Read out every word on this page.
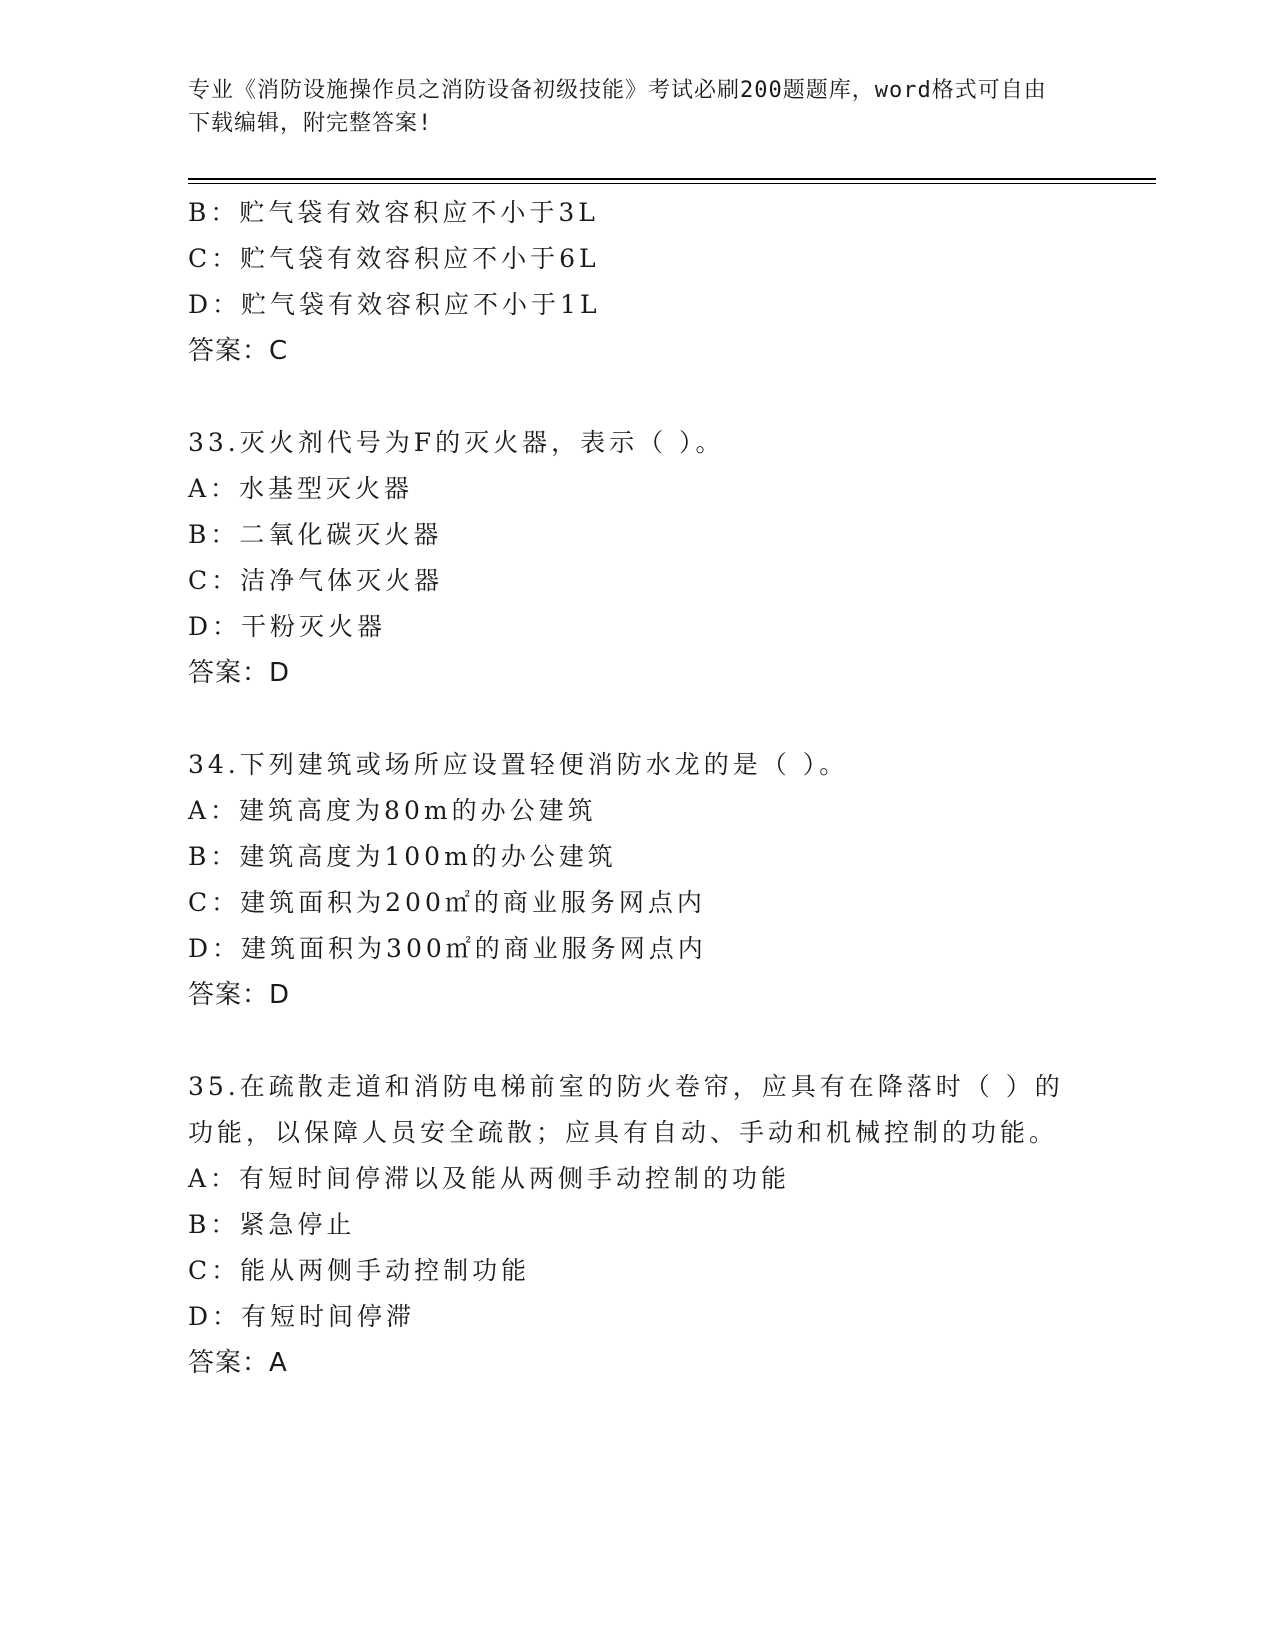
专业《消防设施操作员之消防设备初级技能》考试必刷200题题库，word格式可自由下载编辑，附完整答案!
B：贮气袋有效容积应不小于3L
C：贮气袋有效容积应不小于6L
D：贮气袋有效容积应不小于1L
答案：C
33.灭火剂代号为F的灭火器，表示（ ）。
A：水基型灭火器
B：二氧化碳灭火器
C：洁净气体灭火器
D：干粉灭火器
答案：D
34.下列建筑或场所应设置轻便消防水龙的是（ ）。
A：建筑高度为80m的办公建筑
B：建筑高度为100m的办公建筑
C：建筑面积为200㎡的商业服务网点内
D：建筑面积为300㎡的商业服务网点内
答案：D
35.在疏散走道和消防电梯前室的防火卷帘，应具有在降落时（ ）的功能，以保障人员安全疏散；应具有自动、手动和机械控制的功能。
A：有短时间停滞以及能从两侧手动控制的功能
B：紧急停止
C：能从两侧手动控制功能
D：有短时间停滞
答案：A
